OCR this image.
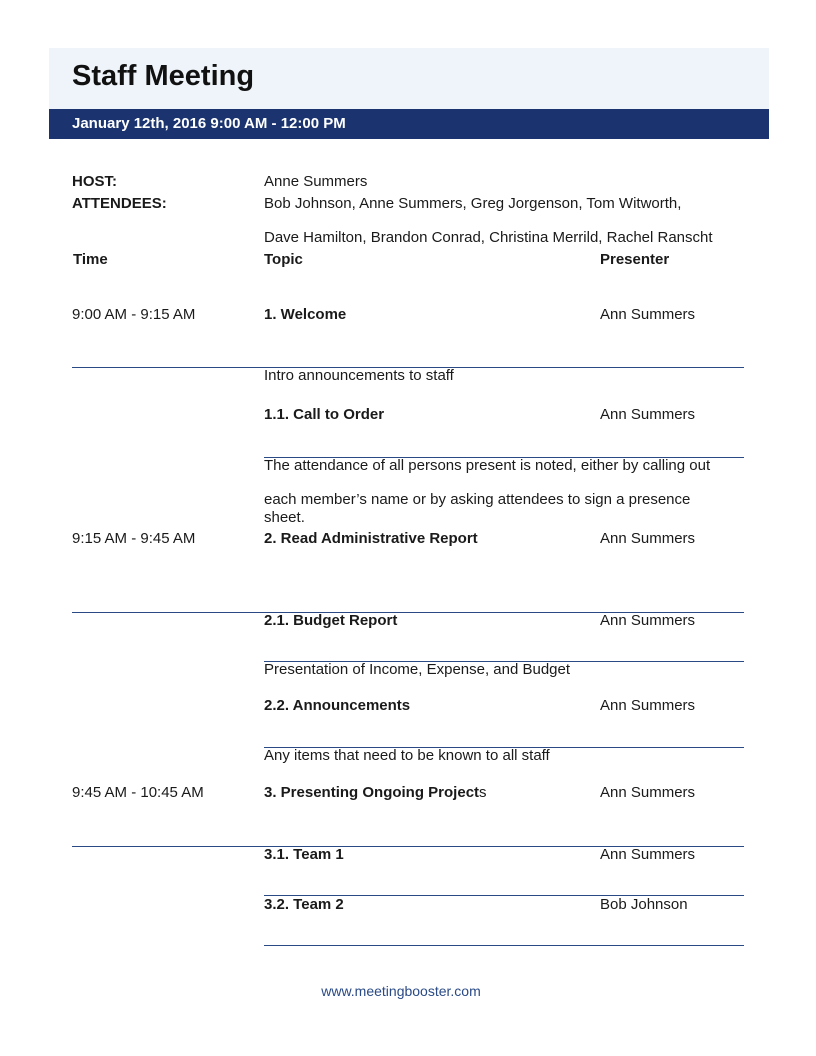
Staff Meeting
January 12th, 2016 9:00 AM - 12:00 PM
HOST:	Anne Summers
ATTENDEES:	Bob Johnson, Anne Summers, Greg Jorgenson, Tom Witworth,
Dave Hamilton, Brandon Conrad, Christina Merrild, Rachel Ranscht
Time	Topic	Presenter
9:00 AM - 9:15 AM	1. Welcome	Ann Summers
Intro announcements to staff
1.1. Call to Order	Ann Summers
The attendance of all persons present is noted, either by calling out
each member’s name or by asking attendees to sign a presence
sheet.
9:15 AM - 9:45 AM	2. Read Administrative Report	Ann Summers
2.1. Budget Report	Ann Summers
Presentation of Income, Expense, and Budget
2.2. Announcements	Ann Summers
Any items that need to be known to all staff
9:45 AM - 10:45 AM	3. Presenting Ongoing Projects	Ann Summers
3.1. Team 1	Ann Summers
3.2. Team 2	Bob Johnson
www.meetingbooster.com
